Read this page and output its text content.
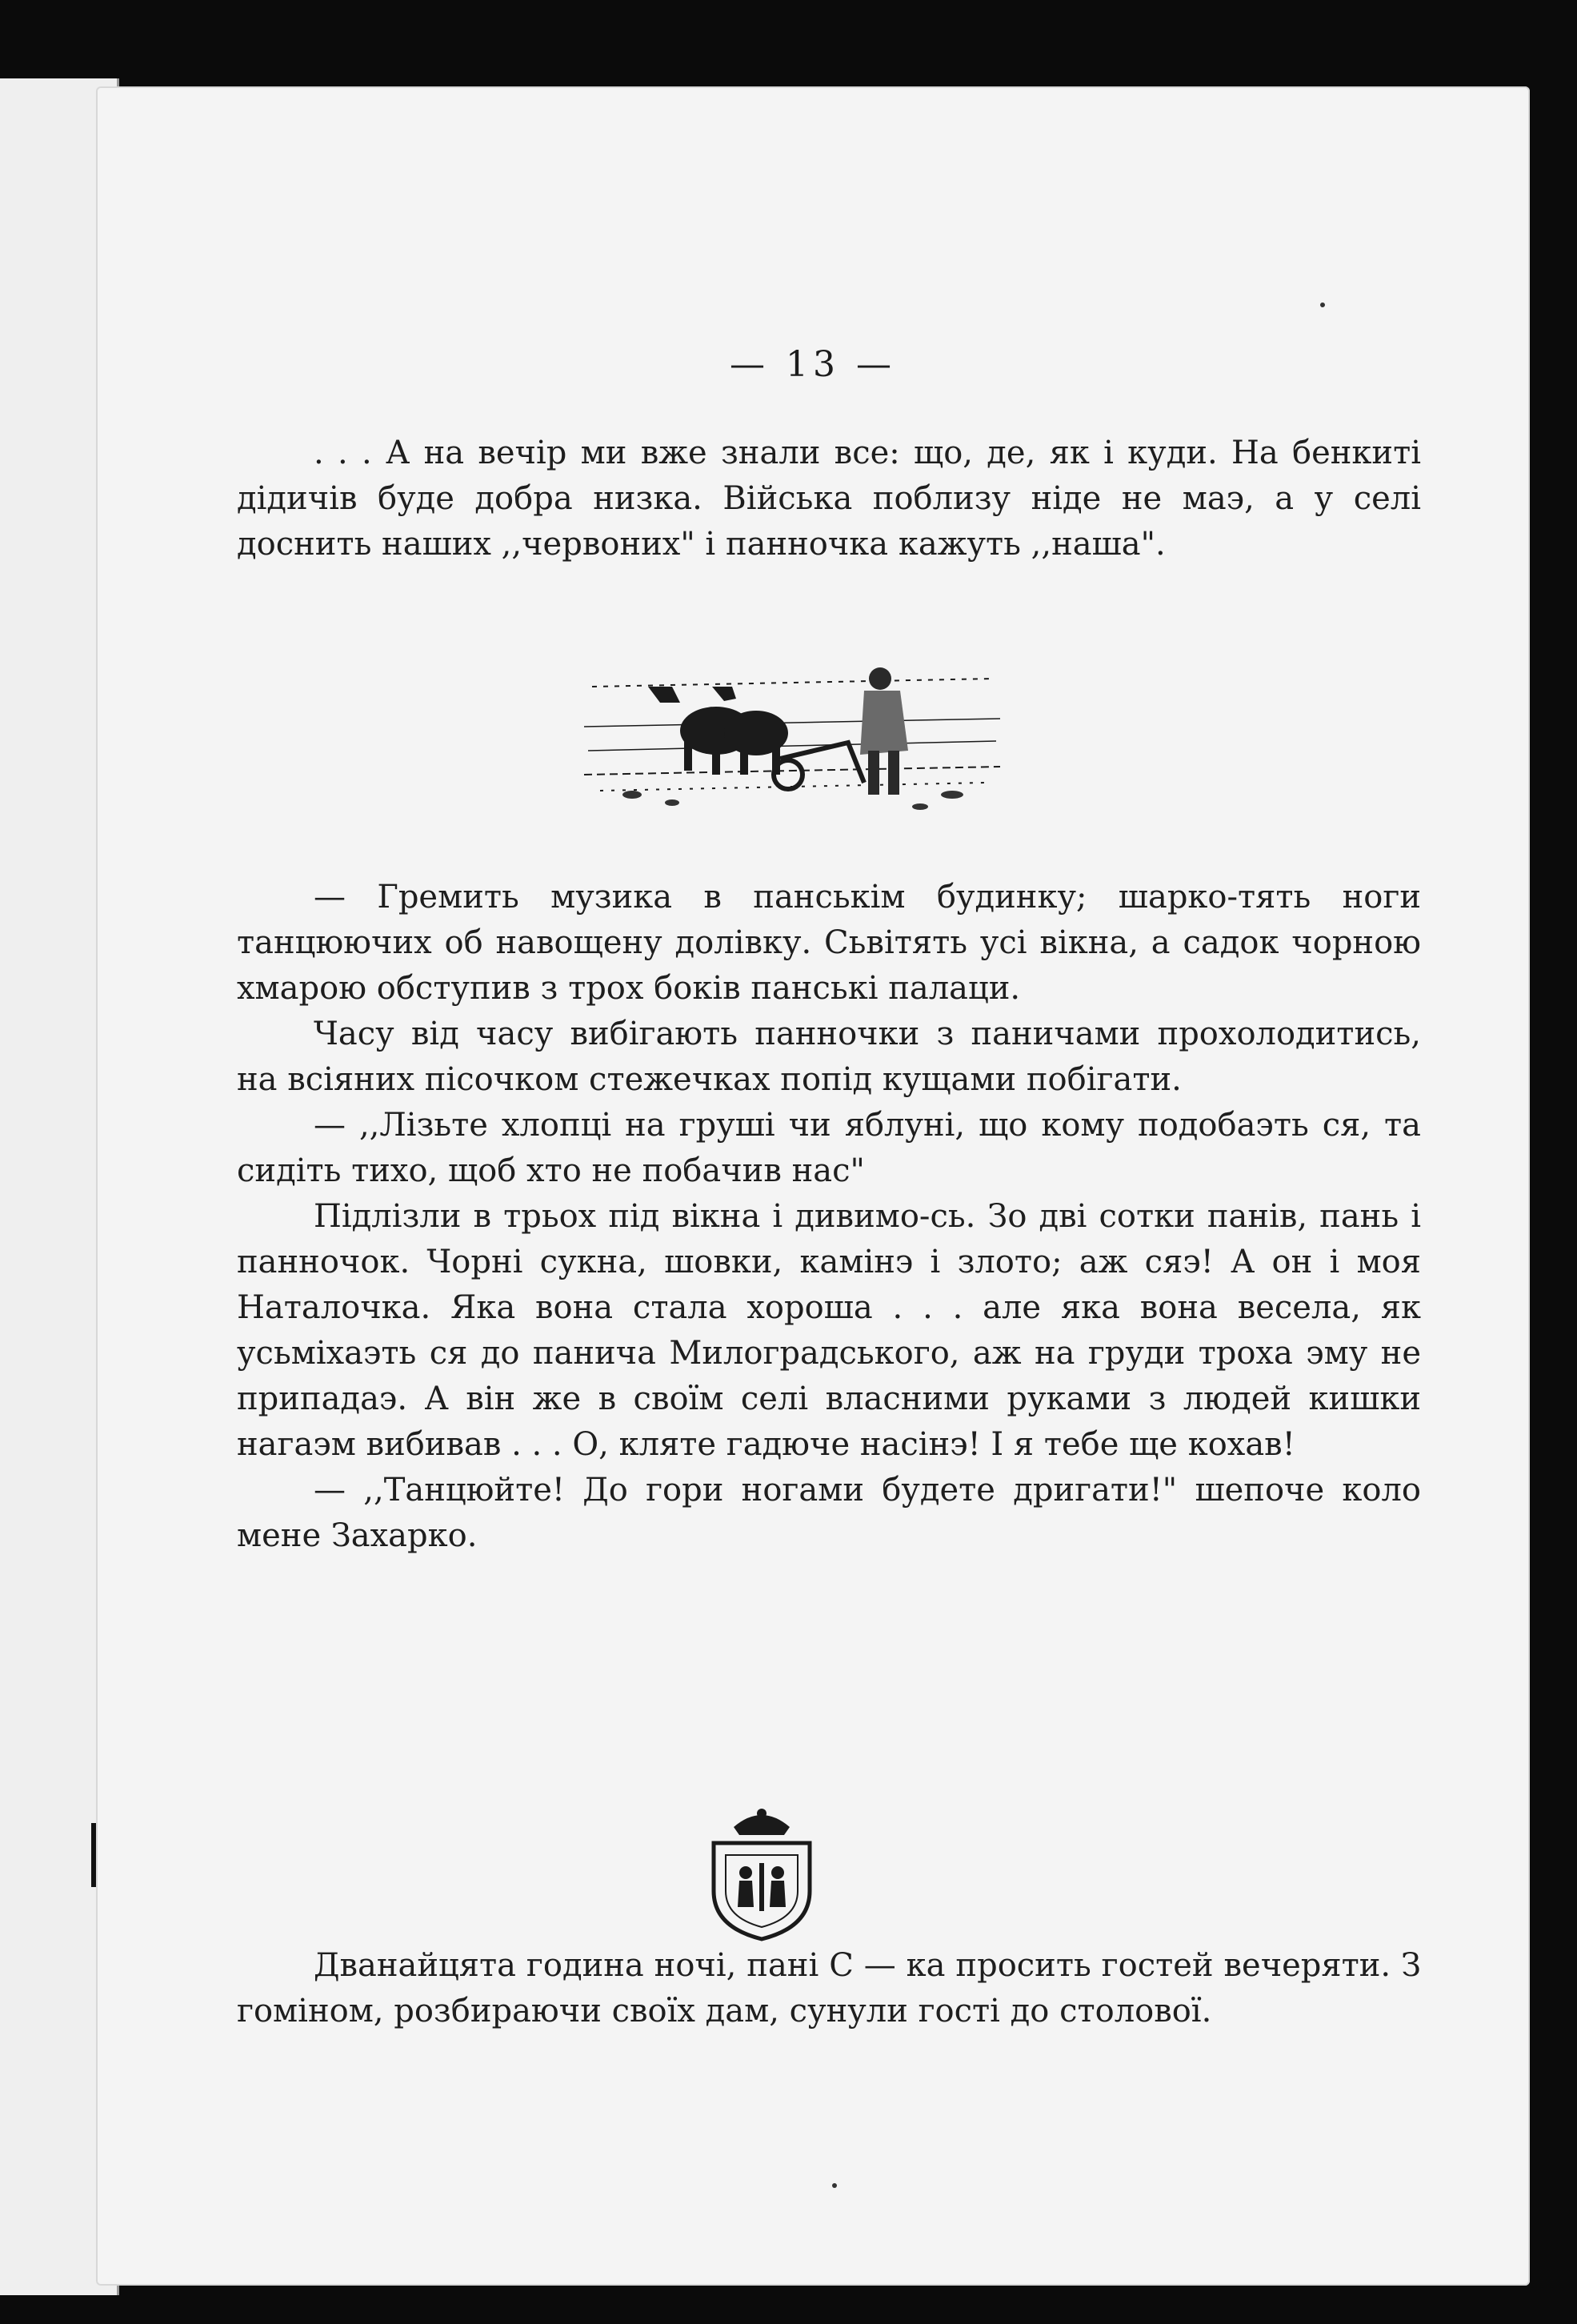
— 13 —

. . . А на вечір ми вже знали все: що, де, як і куди. На бенкиті дідичів буде добра низка. Війська поблизу ніде не маэ, а у селі доснить наших ,,червоних" і панночка кажуть ,,наша".

— Гремить музика в панськім будинку; шарко-тять ноги танцюючих об навощену долівку. Сьвітять усі вікна, а садок чорною хмарою обступив з трох боків панські палаци.

Часу від часу вибігають панночки з паничами прохолодитись, на всіяних пісочком стежечках попід кущами побігати.

— ,,Лізьте хлопці на груші чи яблуні, що кому подобаэть ся, та сидіть тихо, щоб хто не побачив нас"

Підлізли в трьох під вікна і дивимо-сь. Зо дві сотки панів, пань і панночок. Чорні сукна, шовки, камінэ і злото; аж сяэ! А он і моя Наталочка. Яка вона стала хороша . . . але яка вона весела, як усьміхаэть ся до панича Милоградського, аж на груди троха эму не припадаэ. А він же в своїм селі власними руками з людей кишки нагаэм вибивав . . . О, кляте гадюче насінэ! І я тебе ще кохав!

— ,,Танцюйте! До гори ногами будете дригати!" шепоче коло мене Захарко.

Дванайцята година ночі, пані С — ка просить гостей вечеряти. З гоміном, розбираючи своїх дам, сунули гості до столової.
